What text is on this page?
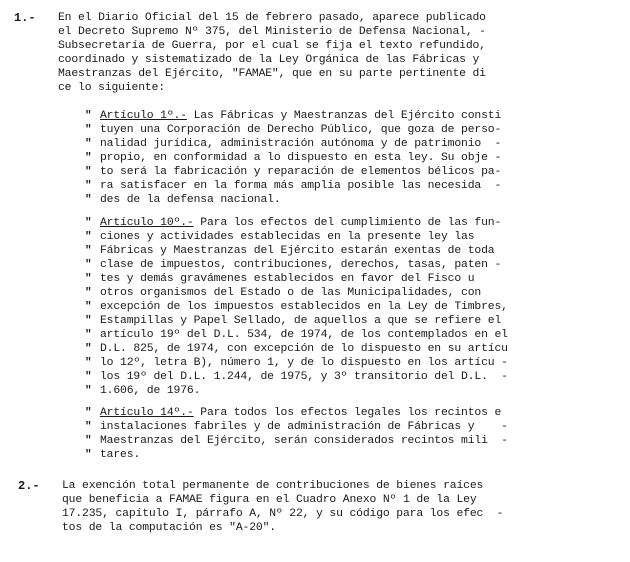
1.- En el Diario Oficial del 15 de febrero pasado, aparece publicado
el Decreto Supremo Nº 375, del Ministerio de Defensa Nacional, -
Subsecretaría de Guerra, por el cual se fija el texto refundido,
coordinado y sistematizado de la Ley Orgánica de las Fábricas y
Maestranzas del Ejército, "FAMAE", que en su parte pertinente di
ce lo siguiente:
" Artículo 1º.- Las Fábricas y Maestranzas del Ejército consti
" tuyen una Corporación de Derecho Público, que goza de perso-
" nalidad jurídica, administración autónoma y de patrimonio  -
" propio, en conformidad a lo dispuesto en esta ley. Su obje -
" to será la fabricación y reparación de elementos bélicos pa-
" ra satisfacer en la forma más amplia posible las necesida  -
" des de la defensa nacional.
" Artículo 10º.- Para los efectos del cumplimiento de las fun-
" ciones y actividades establecidas en la presente ley las
" Fábricas y Maestranzas del Ejército estarán exentas de toda
" clase de impuestos, contribuciones, derechos, tasas, paten -
" tes y demás gravámenes establecidos en favor del Fisco u
" otros organismos del Estado o de las Municipalidades, con
" excepción de los impuestos establecidos en la Ley de Timbres,
" Estampillas y Papel Sellado, de aquellos a que se refiere el
" artículo 19º del D.L. 534, de 1974, de los contemplados en el
" D.L. 825, de 1974, con excepción de lo dispuesto en su artícu
" lo 12º, letra B), número 1, y de lo dispuesto en los artícu -
" los 19º del D.L. 1.244, de 1975, y 3º transitorio del D.L.  -
" 1.606, de 1976.
" Artículo 14º.- Para todos los efectos legales los recintos e
" instalaciones fabriles y de administración de Fábricas y    -
" Maestranzas del Ejército, serán considerados recintos mili  -
" tares.
2.- La exención total permanente de contribuciones de bienes raíces
que beneficia a FAMAE figura en el Cuadro Anexo Nº 1 de la Ley
17.235, capítulo I, párrafo A, Nº 22, y su código para los efec  -
tos de la computación es "A-20".
